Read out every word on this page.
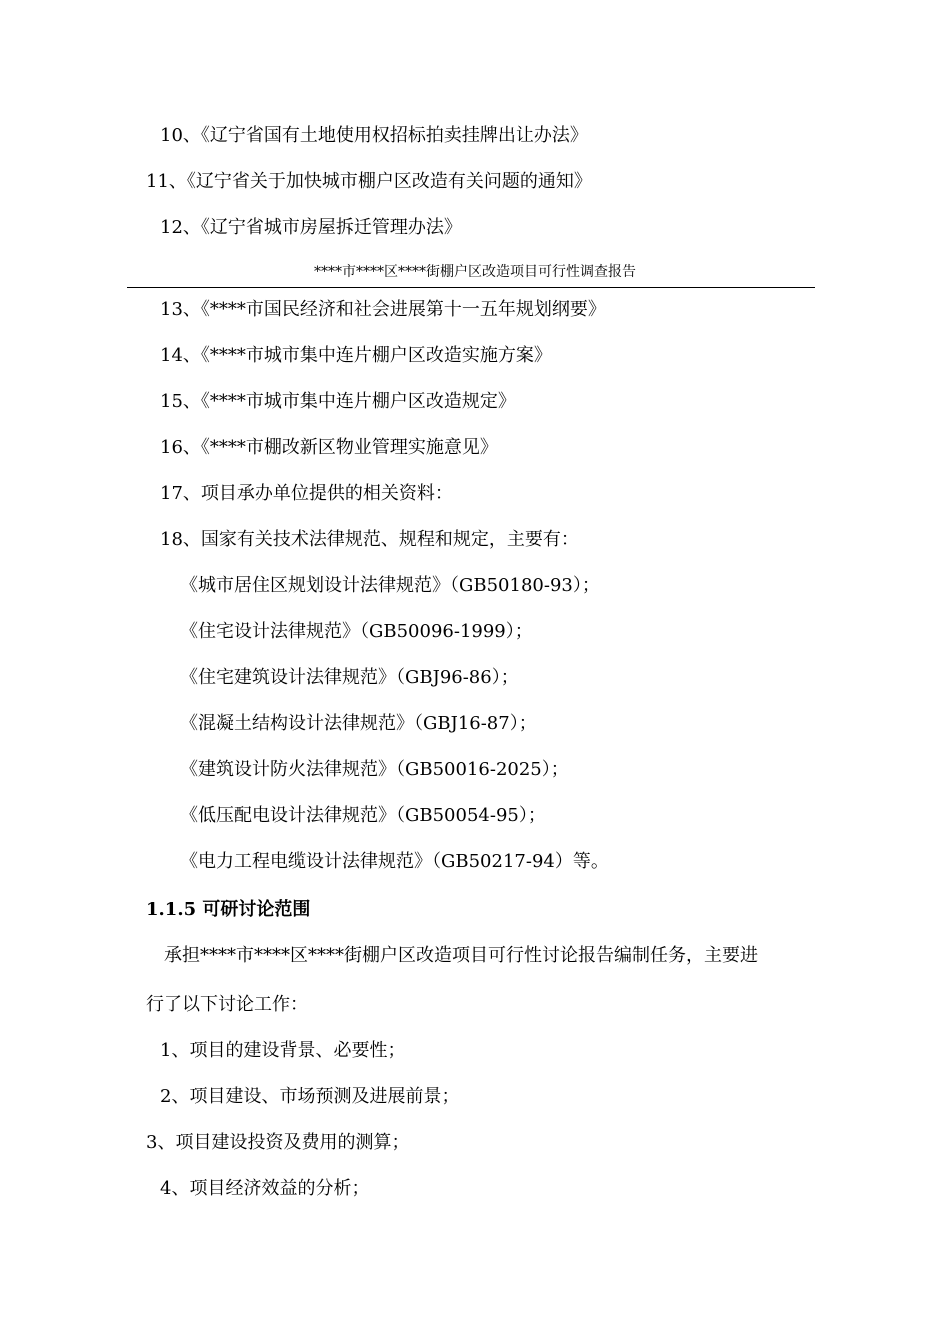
10、《辽宁省国有土地使用权招标拍卖挂牌出让办法》
11、《辽宁省关于加快城市棚户区改造有关问题的通知》
12、《辽宁省城市房屋拆迁管理办法》
****市****区****街棚户区改造项目可行性调查报告
13、《****市国民经济和社会进展第十一五年规划纲要》
14、《****市城市集中连片棚户区改造实施方案》
15、《****市城市集中连片棚户区改造规定》
16、《****市棚改新区物业管理实施意见》
17、项目承办单位提供的相关资料：
18、国家有关技术法律规范、规程和规定，主要有：
《城市居住区规划设计法律规范》（GB50180-93）；
《住宅设计法律规范》（GB50096-1999）；
《住宅建筑设计法律规范》（GBJ96-86）；
《混凝土结构设计法律规范》（GBJ16-87）；
《建筑设计防火法律规范》（GB50016-2025）；
《低压配电设计法律规范》（GB50054-95）；
《电力工程电缆设计法律规范》（GB50217-94）等。
1.1.5 可研讨论范围
承担****市****区****街棚户区改造项目可行性讨论报告编制任务，主要进
行了以下讨论工作：
1、项目的建设背景、必要性；
2、项目建设、市场预测及进展前景；
3、项目建设投资及费用的测算；
4、项目经济效益的分析；
